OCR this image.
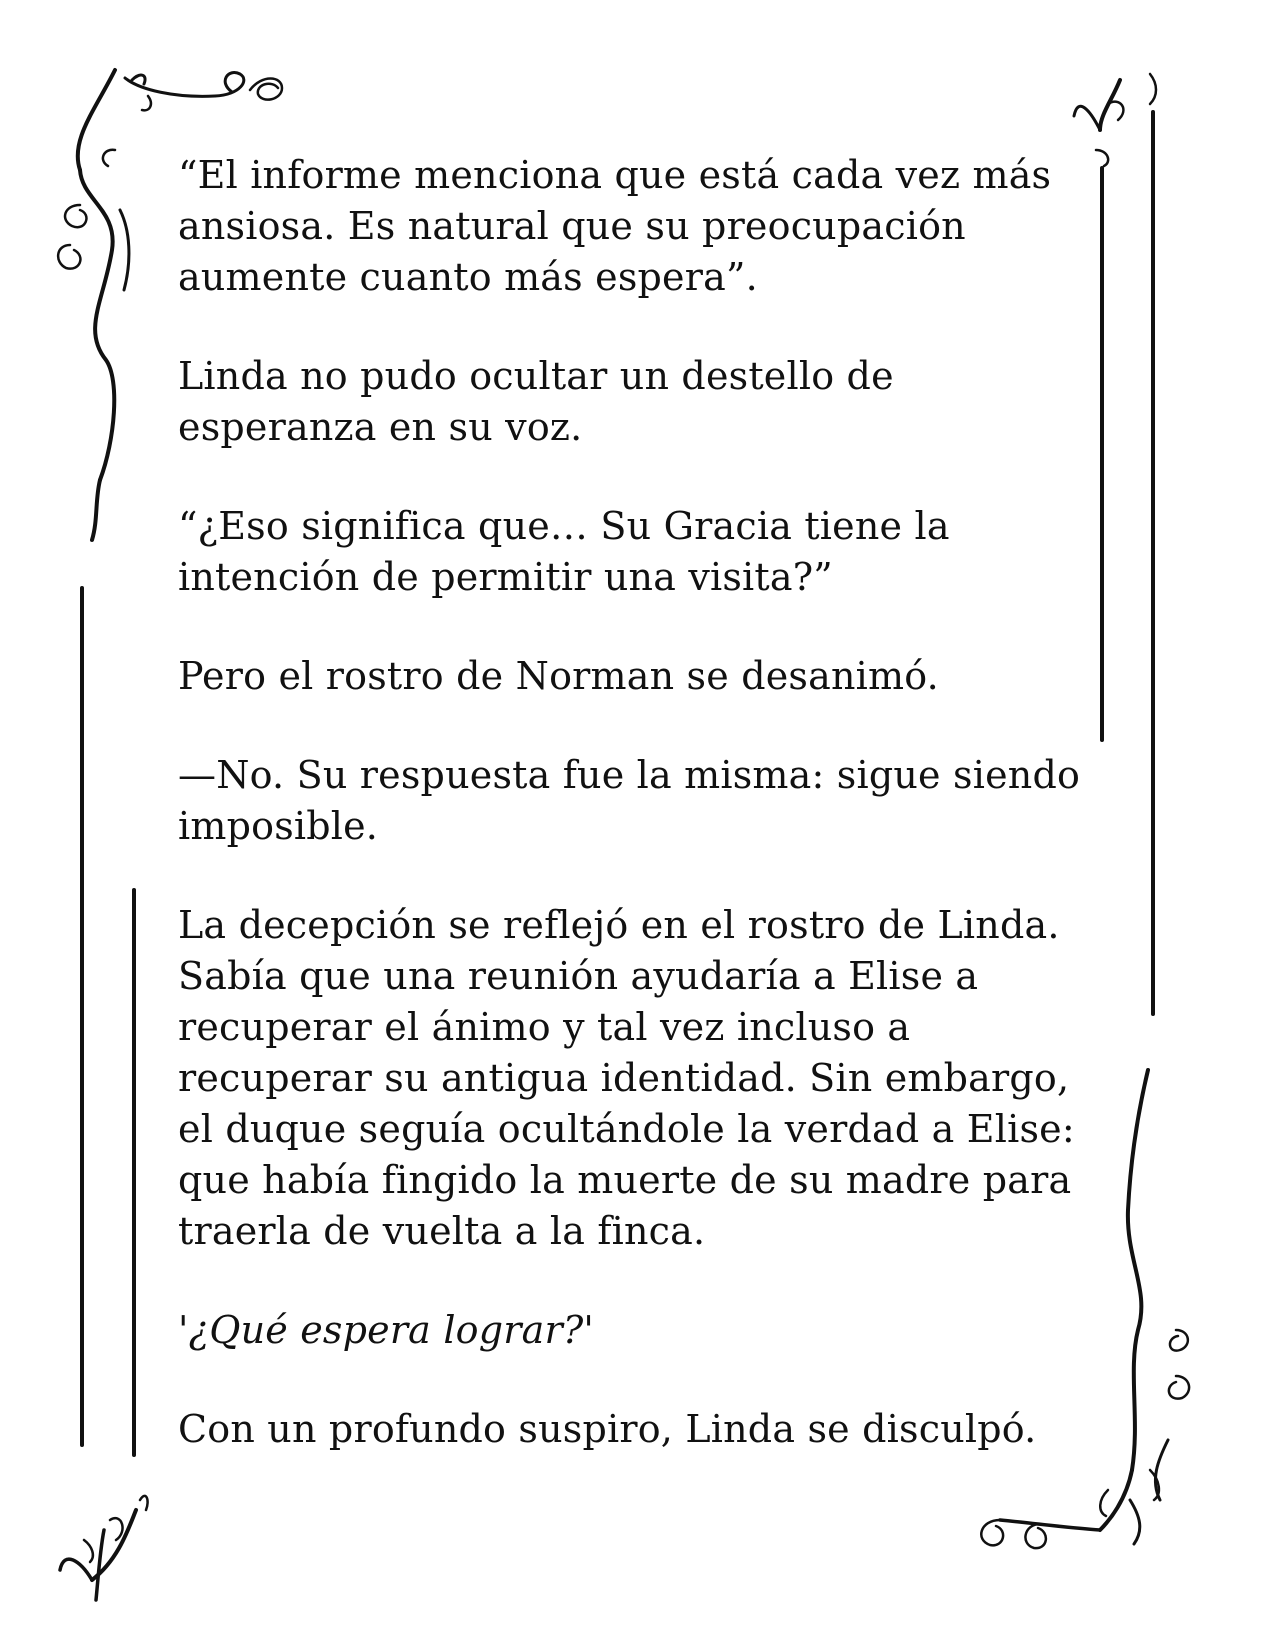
“El informe menciona que está cada vez más ansiosa. Es natural que su preocupación aumente cuanto más espera”.

Linda no pudo ocultar un destello de esperanza en su voz.

“¿Eso significa que… Su Gracia tiene la intención de permitir una visita?”

Pero el rostro de Norman se desanimó.

—No. Su respuesta fue la misma: sigue siendo imposible.

La decepción se reflejó en el rostro de Linda. Sabía que una reunión ayudaría a Elise a recuperar el ánimo y tal vez incluso a recuperar su antigua identidad. Sin embargo, el duque seguía ocultándole la verdad a Elise: que había fingido la muerte de su madre para traerla de vuelta a la finca.

'¿Qué espera lograr?'

Con un profundo suspiro, Linda se disculpó.
